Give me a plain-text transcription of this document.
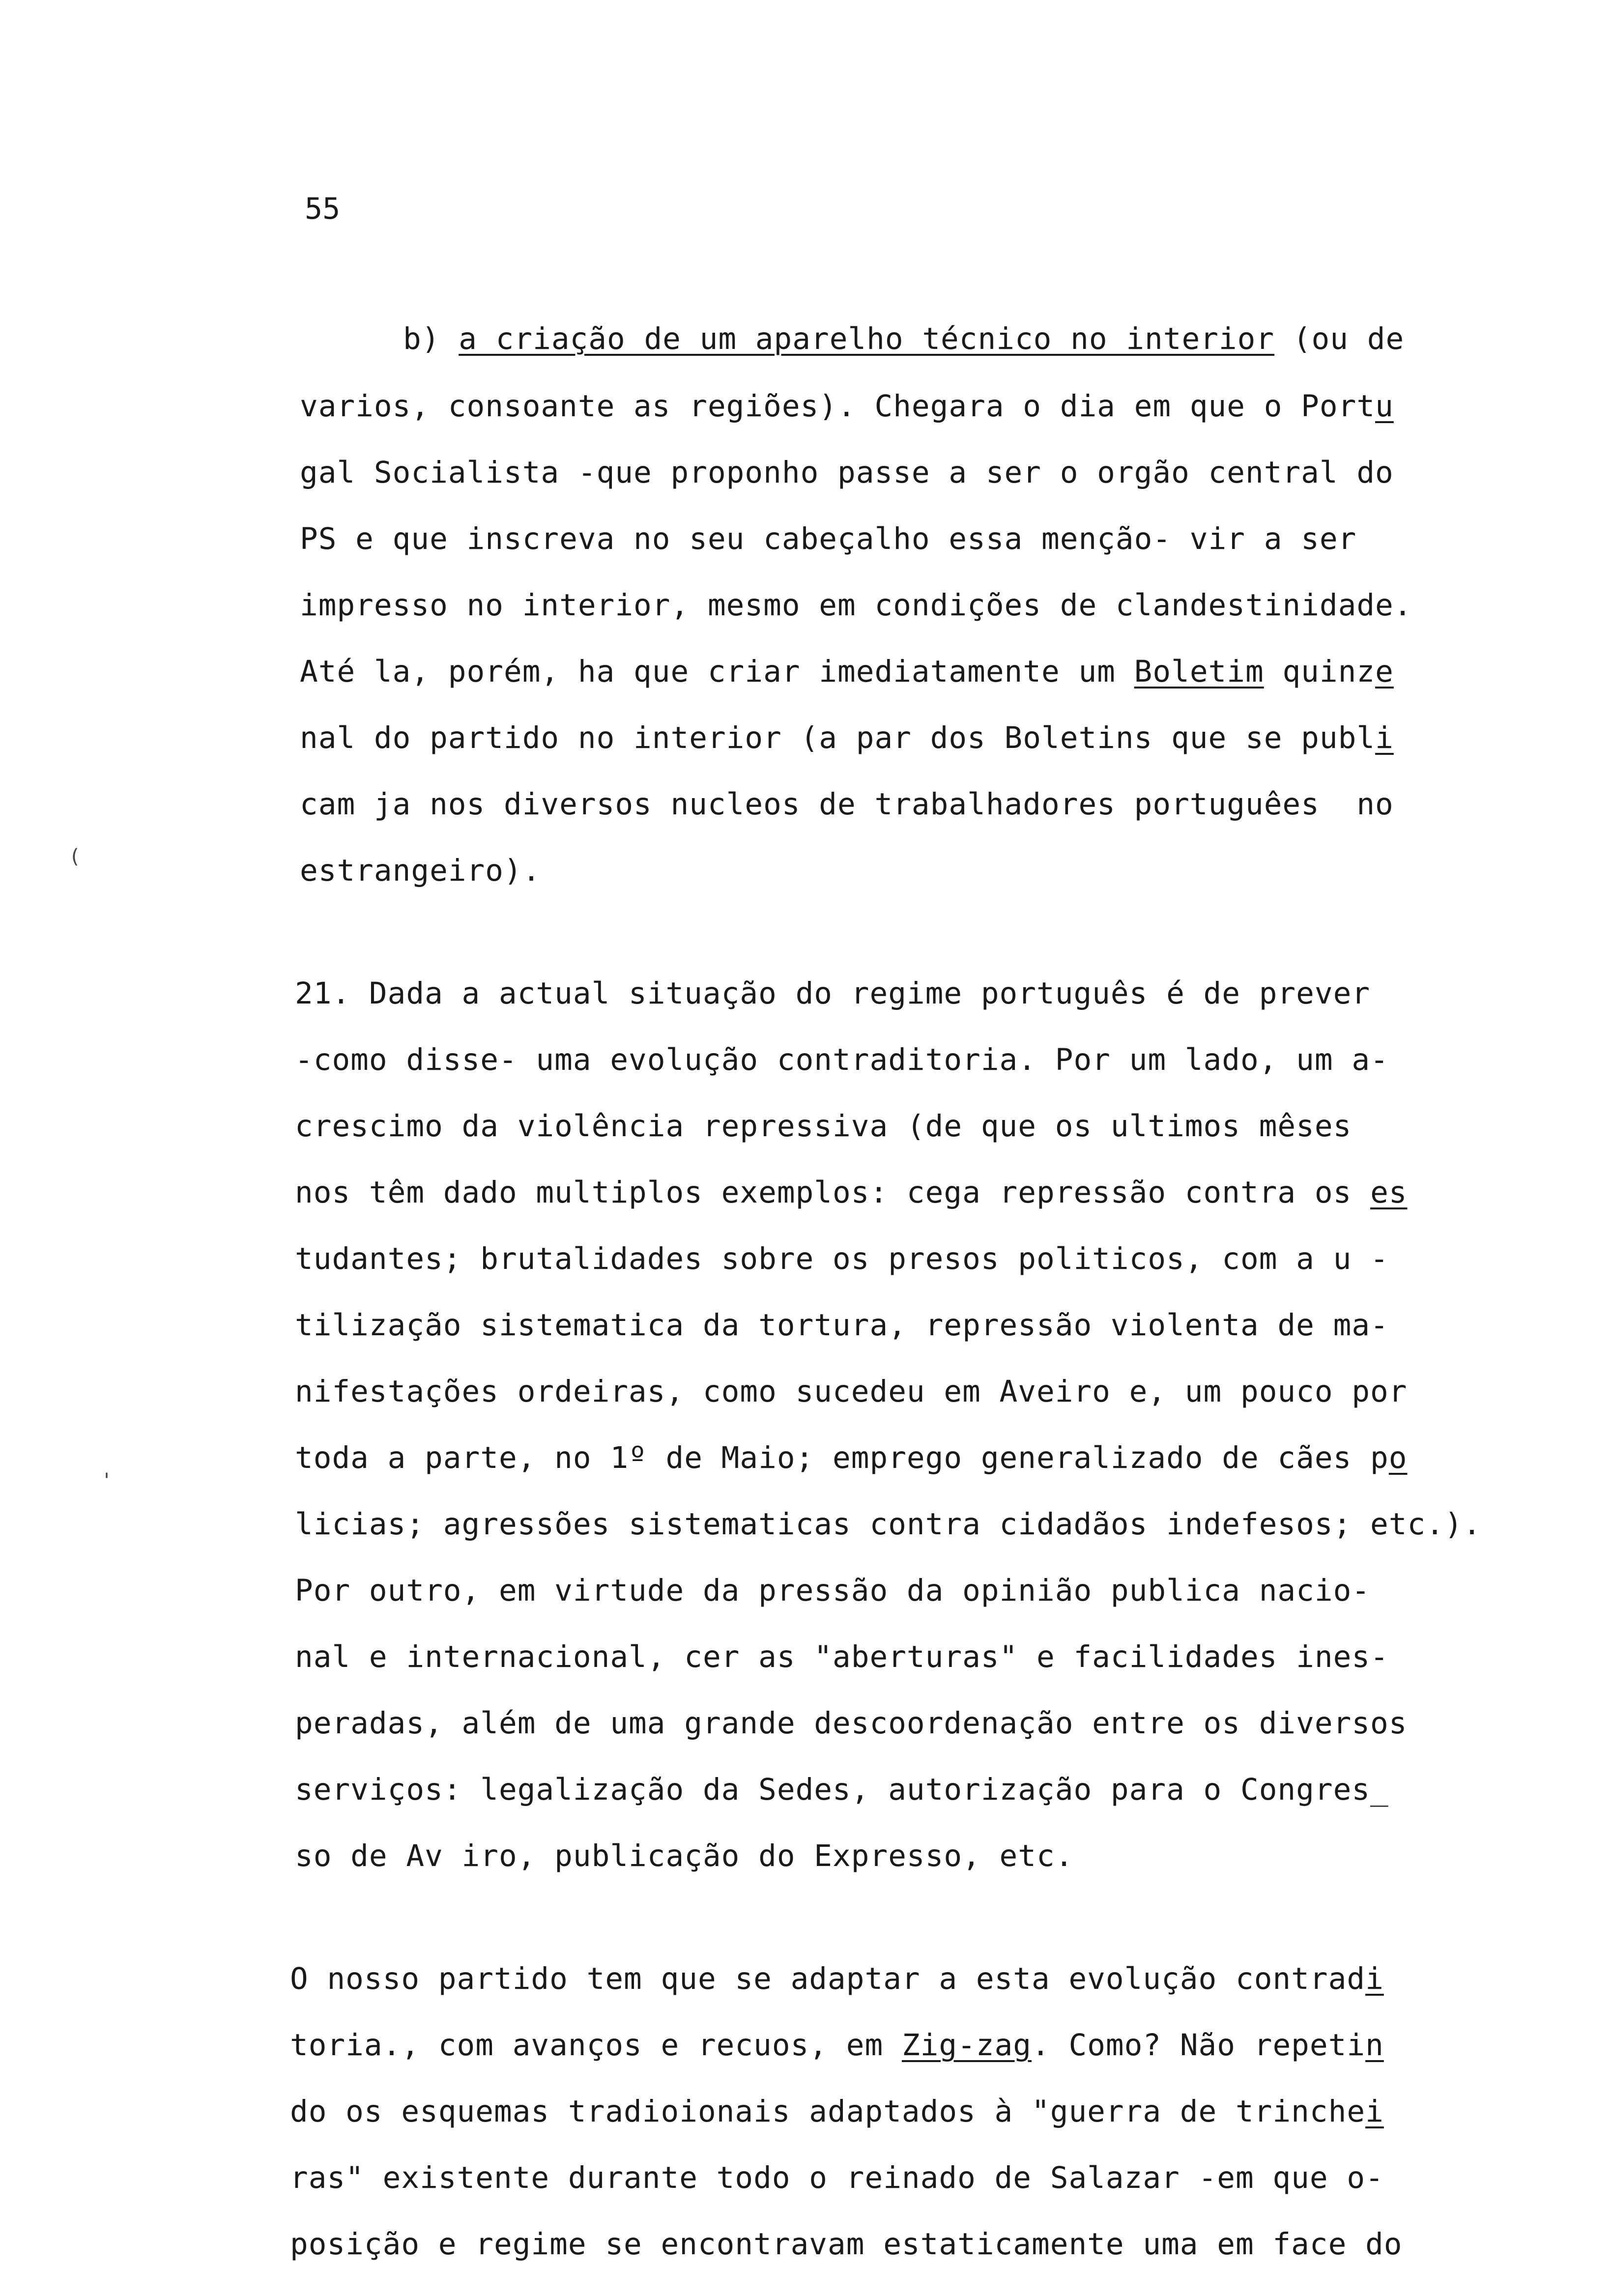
55
(
'
b) a criação de um aparelho técnico no interior (ou de
varios, consoante as regiões). Chegara o dia em que o Portu
gal Socialista -que proponho passe a ser o orgão central do
PS e que inscreva no seu cabeçalho essa menção- vir a ser
impresso no interior, mesmo em condições de clandestinidade.
Até la, porém, ha que criar imediatamente um Boletim quinze
nal do partido no interior (a par dos Boletins que se publi
cam ja nos diversos nucleos de trabalhadores portuguêes  no
estrangeiro).
21. Dada a actual situação do regime português é de prever
-como disse- uma evolução contraditoria. Por um lado, um a-
crescimo da violência repressiva (de que os ultimos mêses
nos têm dado multiplos exemplos: cega repressão contra os es
tudantes; brutalidades sobre os presos politicos, com a u -
tilização sistematica da tortura, repressão violenta de ma-
nifestações ordeiras, como sucedeu em Aveiro e, um pouco por
toda a parte, no 1º de Maio; emprego generalizado de cães po
licias; agressões sistematicas contra cidadãos indefesos; etc.).
Por outro, em virtude da pressão da opinião publica nacio-
nal e internacional, cer as "aberturas" e facilidades ines-
peradas, além de uma grande descoordenação entre os diversos
serviços: legalização da Sedes, autorização para o Congres_
so de Av iro, publicação do Expresso, etc.
O nosso partido tem que se adaptar a esta evolução contradi
toria., com avanços e recuos, em Zig-zag. Como? Não repetin
do os esquemas tradioionais adaptados à "guerra de trinchei
ras" existente durante todo o reinado de Salazar -em que o-
posição e regime se encontravam estaticamente uma em face do
